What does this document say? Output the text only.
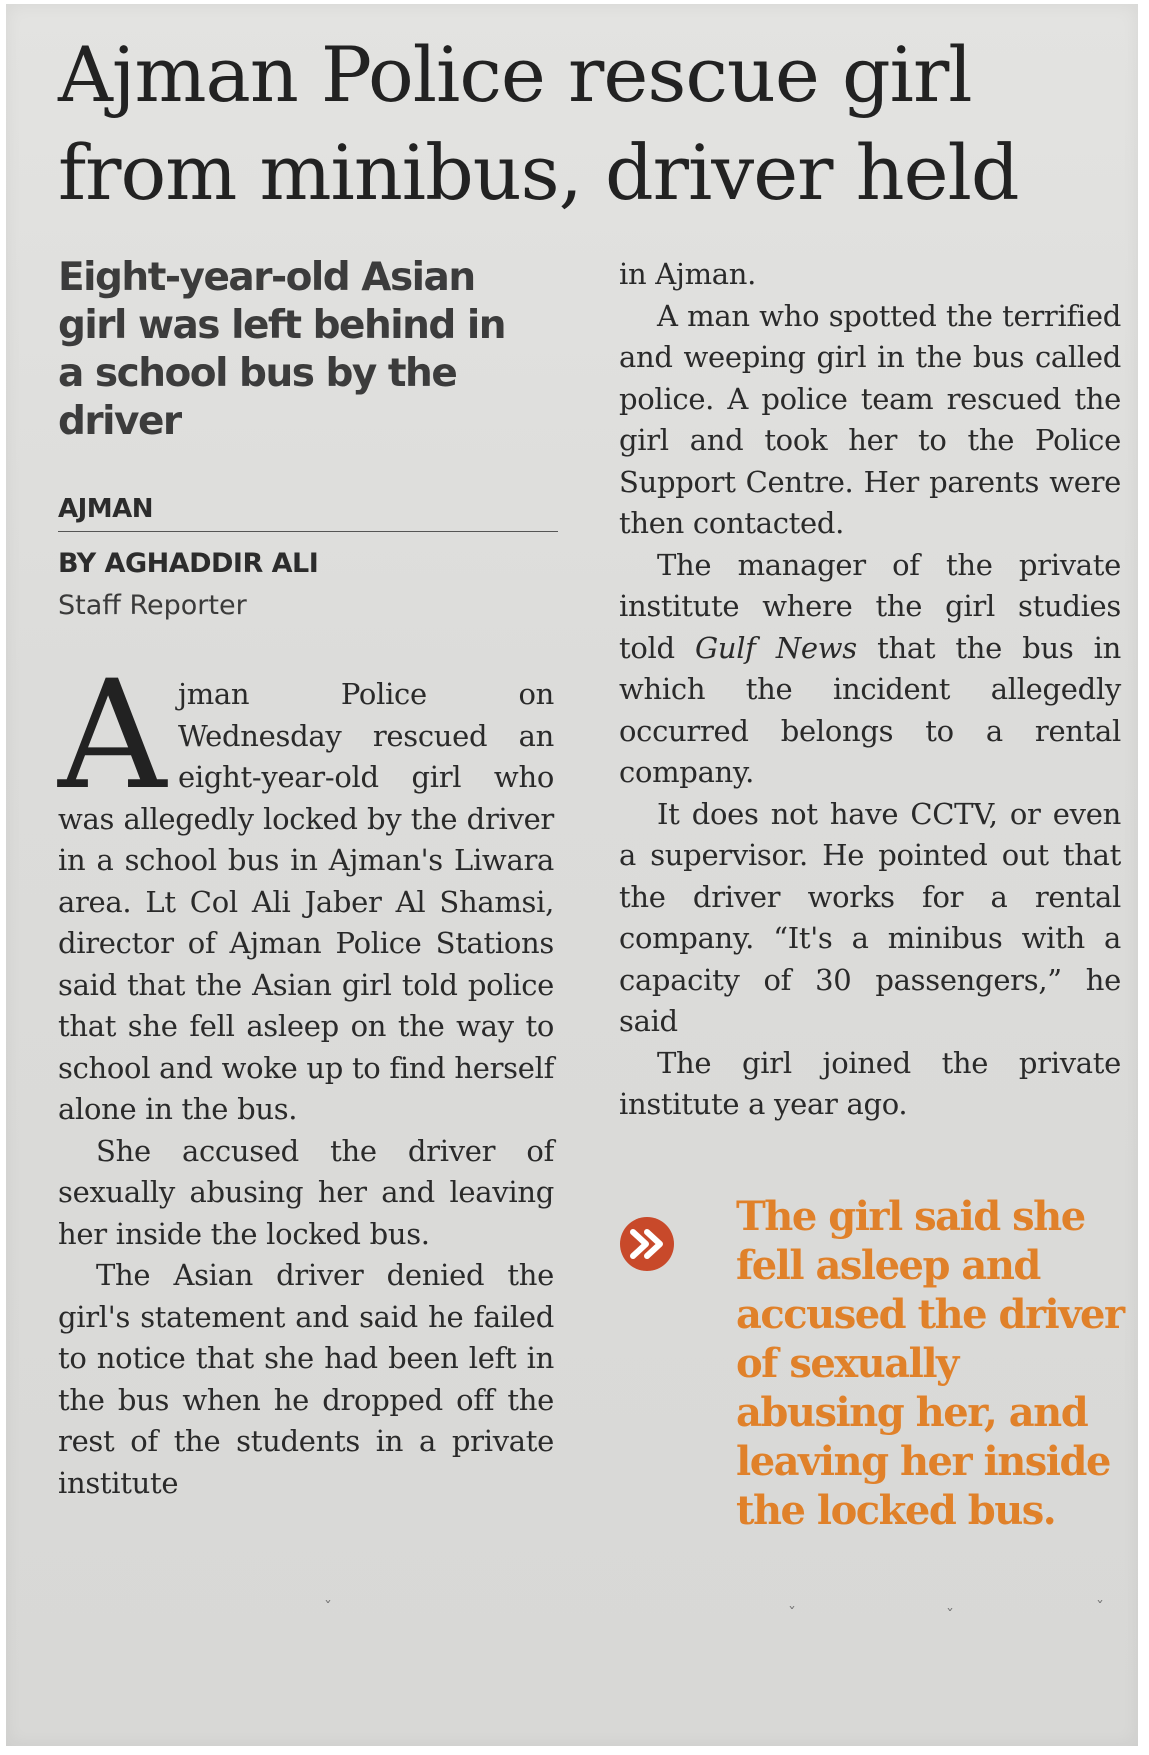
Ajman Police rescue girl from minibus, driver held

Eight-year-old Asian girl was left behind in a school bus by the driver

AJMAN

BY AGHADDIR ALI

Staff Reporter

Ajman Police on Wednesday rescued an eight-year-old girl who was allegedly locked by the driver in a school bus in Ajman's Liwara area. Lt Col Ali Jaber Al Shamsi, director of Ajman Police Stations said that the Asian girl told police that she fell asleep on the way to school and woke up to find herself alone in the bus.

She accused the driver of sexually abusing her and leaving her inside the locked bus.

The Asian driver denied the girl's statement and said he failed to notice that she had been left in the bus when he dropped off the rest of the students in a private institute

in Ajman.

A man who spotted the terrified and weeping girl in the bus called police. A police team rescued the girl and took her to the Police Support Centre. Her parents were then contacted.

The manager of the private institute where the girl studies told Gulf News that the bus in which the incident allegedly occurred belongs to a rental company.

It does not have CCTV, or even a supervisor. He pointed out that the driver works for a rental company. “It's a minibus with a capacity of 30 passengers,” he said

The girl joined the private institute a year ago.

The girl said she fell asleep and accused the driver of sexually abusing her, and leaving her inside the locked bus.

ˇ	ˇ	ˇ	ˇ
